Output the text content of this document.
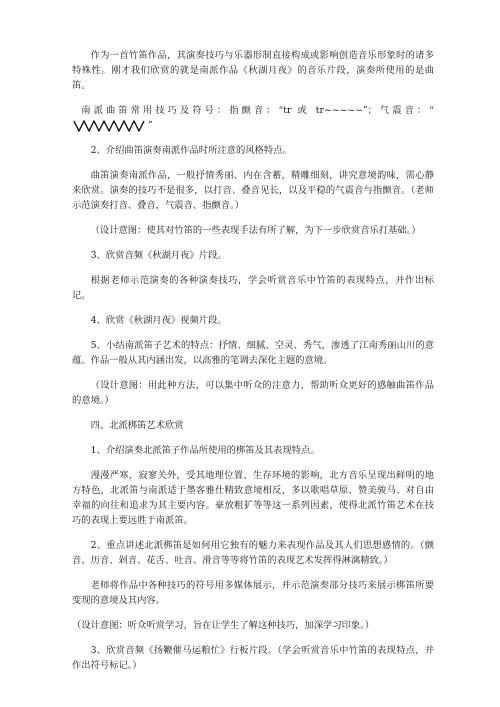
作为一首竹笛作品，其演奏技巧与乐器形制直接构成或影响创造音乐形象时的诸多特殊性。刚才我们欣赏的就是南派作品《秋湖月夜》的音乐片段，演奏所使用的是曲笛。

南派曲笛常用技巧及符号：指颤音：“tr 或 tr~~~~~”；气震音：“
”

2、介绍曲笛演奏南派作品时所注意的风格特点。

曲笛演奏南派作品，一般抒情秀丽、内在含蓄，精雕细刻，讲究意境韵味，需心静来欣赏。演奏的技巧不是很多，以打音、叠音见长，以及平稳的气震音与指颤音。（老师示范演奏打音、叠音，气震音、指颤音。）

（设计意图：使其对竹笛的一些表现手法有所了解，为下一步欣赏音乐打基础。）

3、欣赏音频《秋湖月夜》片段。

根据老师示范演奏的各种演奏技巧，学会听赏音乐中竹笛的表现特点，并作出标记。

4、欣赏《秋湖月夜》视频片段。

5、小结南派笛子艺术的特点：抒情、细腻、空灵、秀气，渗透了江南秀丽山川的意蕴。作品一般从其内涵出发，以高雅的笔调去深化主题的意境。

（设计意图：用此种方法，可以集中听众的注意力，帮助听众更好的感触曲笛作品的意境。）

四、北派梆笛艺术欣赏

1、介绍演奏北派笛子作品所使用的梆笛及其表现特点。

漫漫严寒，寂寥关外，受其地理位置、生存环境的影响，北方音乐呈现出鲜明的地方特色，北派笛与南派适于墨客雅仕精致意境相反，多以歌唱草原、赞美骏马、对自由幸福的向往和追求为其主要内容。豪放粗犷等等这一系列因素，使得北派竹笛艺术在技巧的表现上要远胜于南派笛。

2、重点讲述北派梆笛是如何用它独有的魅力来表现作品及其人们思想感情的。（颤音、历音、剁音、花舌、吐音、滑音等等将竹笛的表现艺术发挥得淋漓精致。）

老师将作品中各种技巧的符号用多媒体展示，并示范演奏部分技巧来展示梆笛所要变现的意境及其内容。

（设计意图：听众听赏学习，旨在让学生了解这种技巧，加深学习印象。）

3、欣赏音频《扬鞭催马运粮忙》行板片段。（学会听赏音乐中竹笛的表现特点，并作出符号标记。）
